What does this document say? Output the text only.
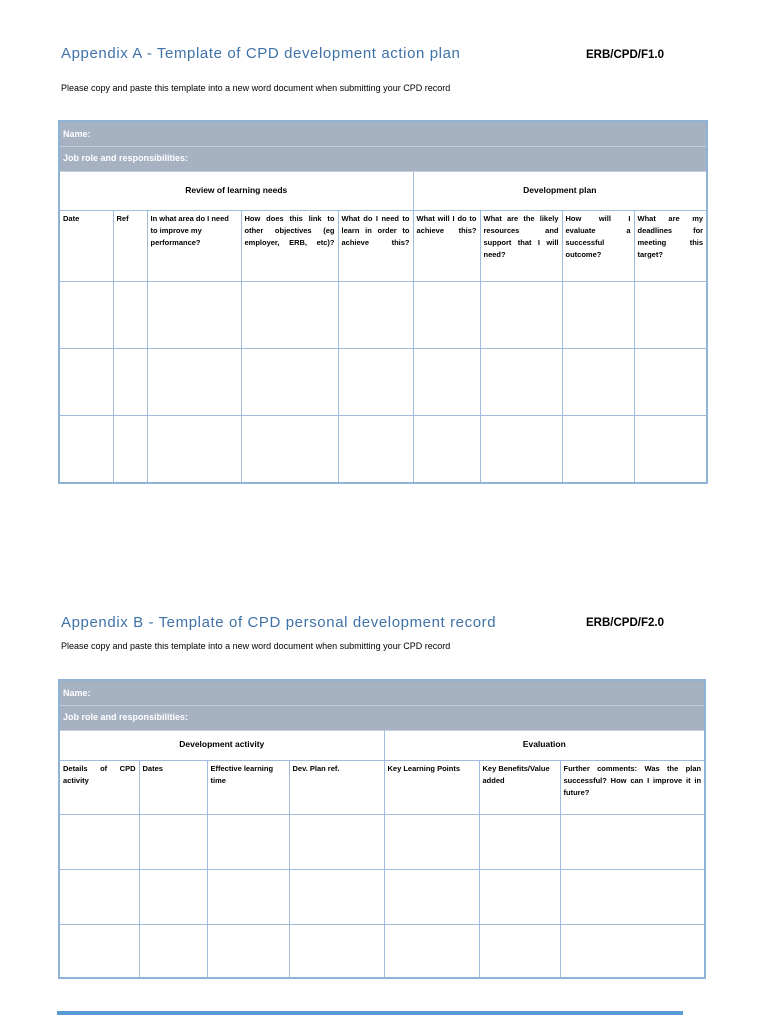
Appendix A - Template of CPD development action plan	ERB/CPD/F1.0
Please copy and paste this template into a new word document when submitting your CPD record
Name:								
Job role and responsibilities:								
Review of learning needs					Development plan			
Date	Ref	In what area do I need to improve my performance?	How does this link to other objectives (eg employer, ERB, etc)?	What do I need to learn in order to achieve this?	What will I do to achieve this?	What are the likely resources and support that I will need?	How will I evaluate a successful outcome?	What are my deadlines for meeting this target?

Appendix B - Template of CPD personal development record	ERB/CPD/F2.0
Please copy and paste this template into a new word document when submitting your CPD record
Name:						
Job role and responsibilities:						
Development activity				Evaluation		
Details of CPD activity	Dates	Effective learning time	Dev. Plan ref.	Key Learning Points	Key Benefits/Value added	Further comments: Was the plan successful? How can I improve it in future?
